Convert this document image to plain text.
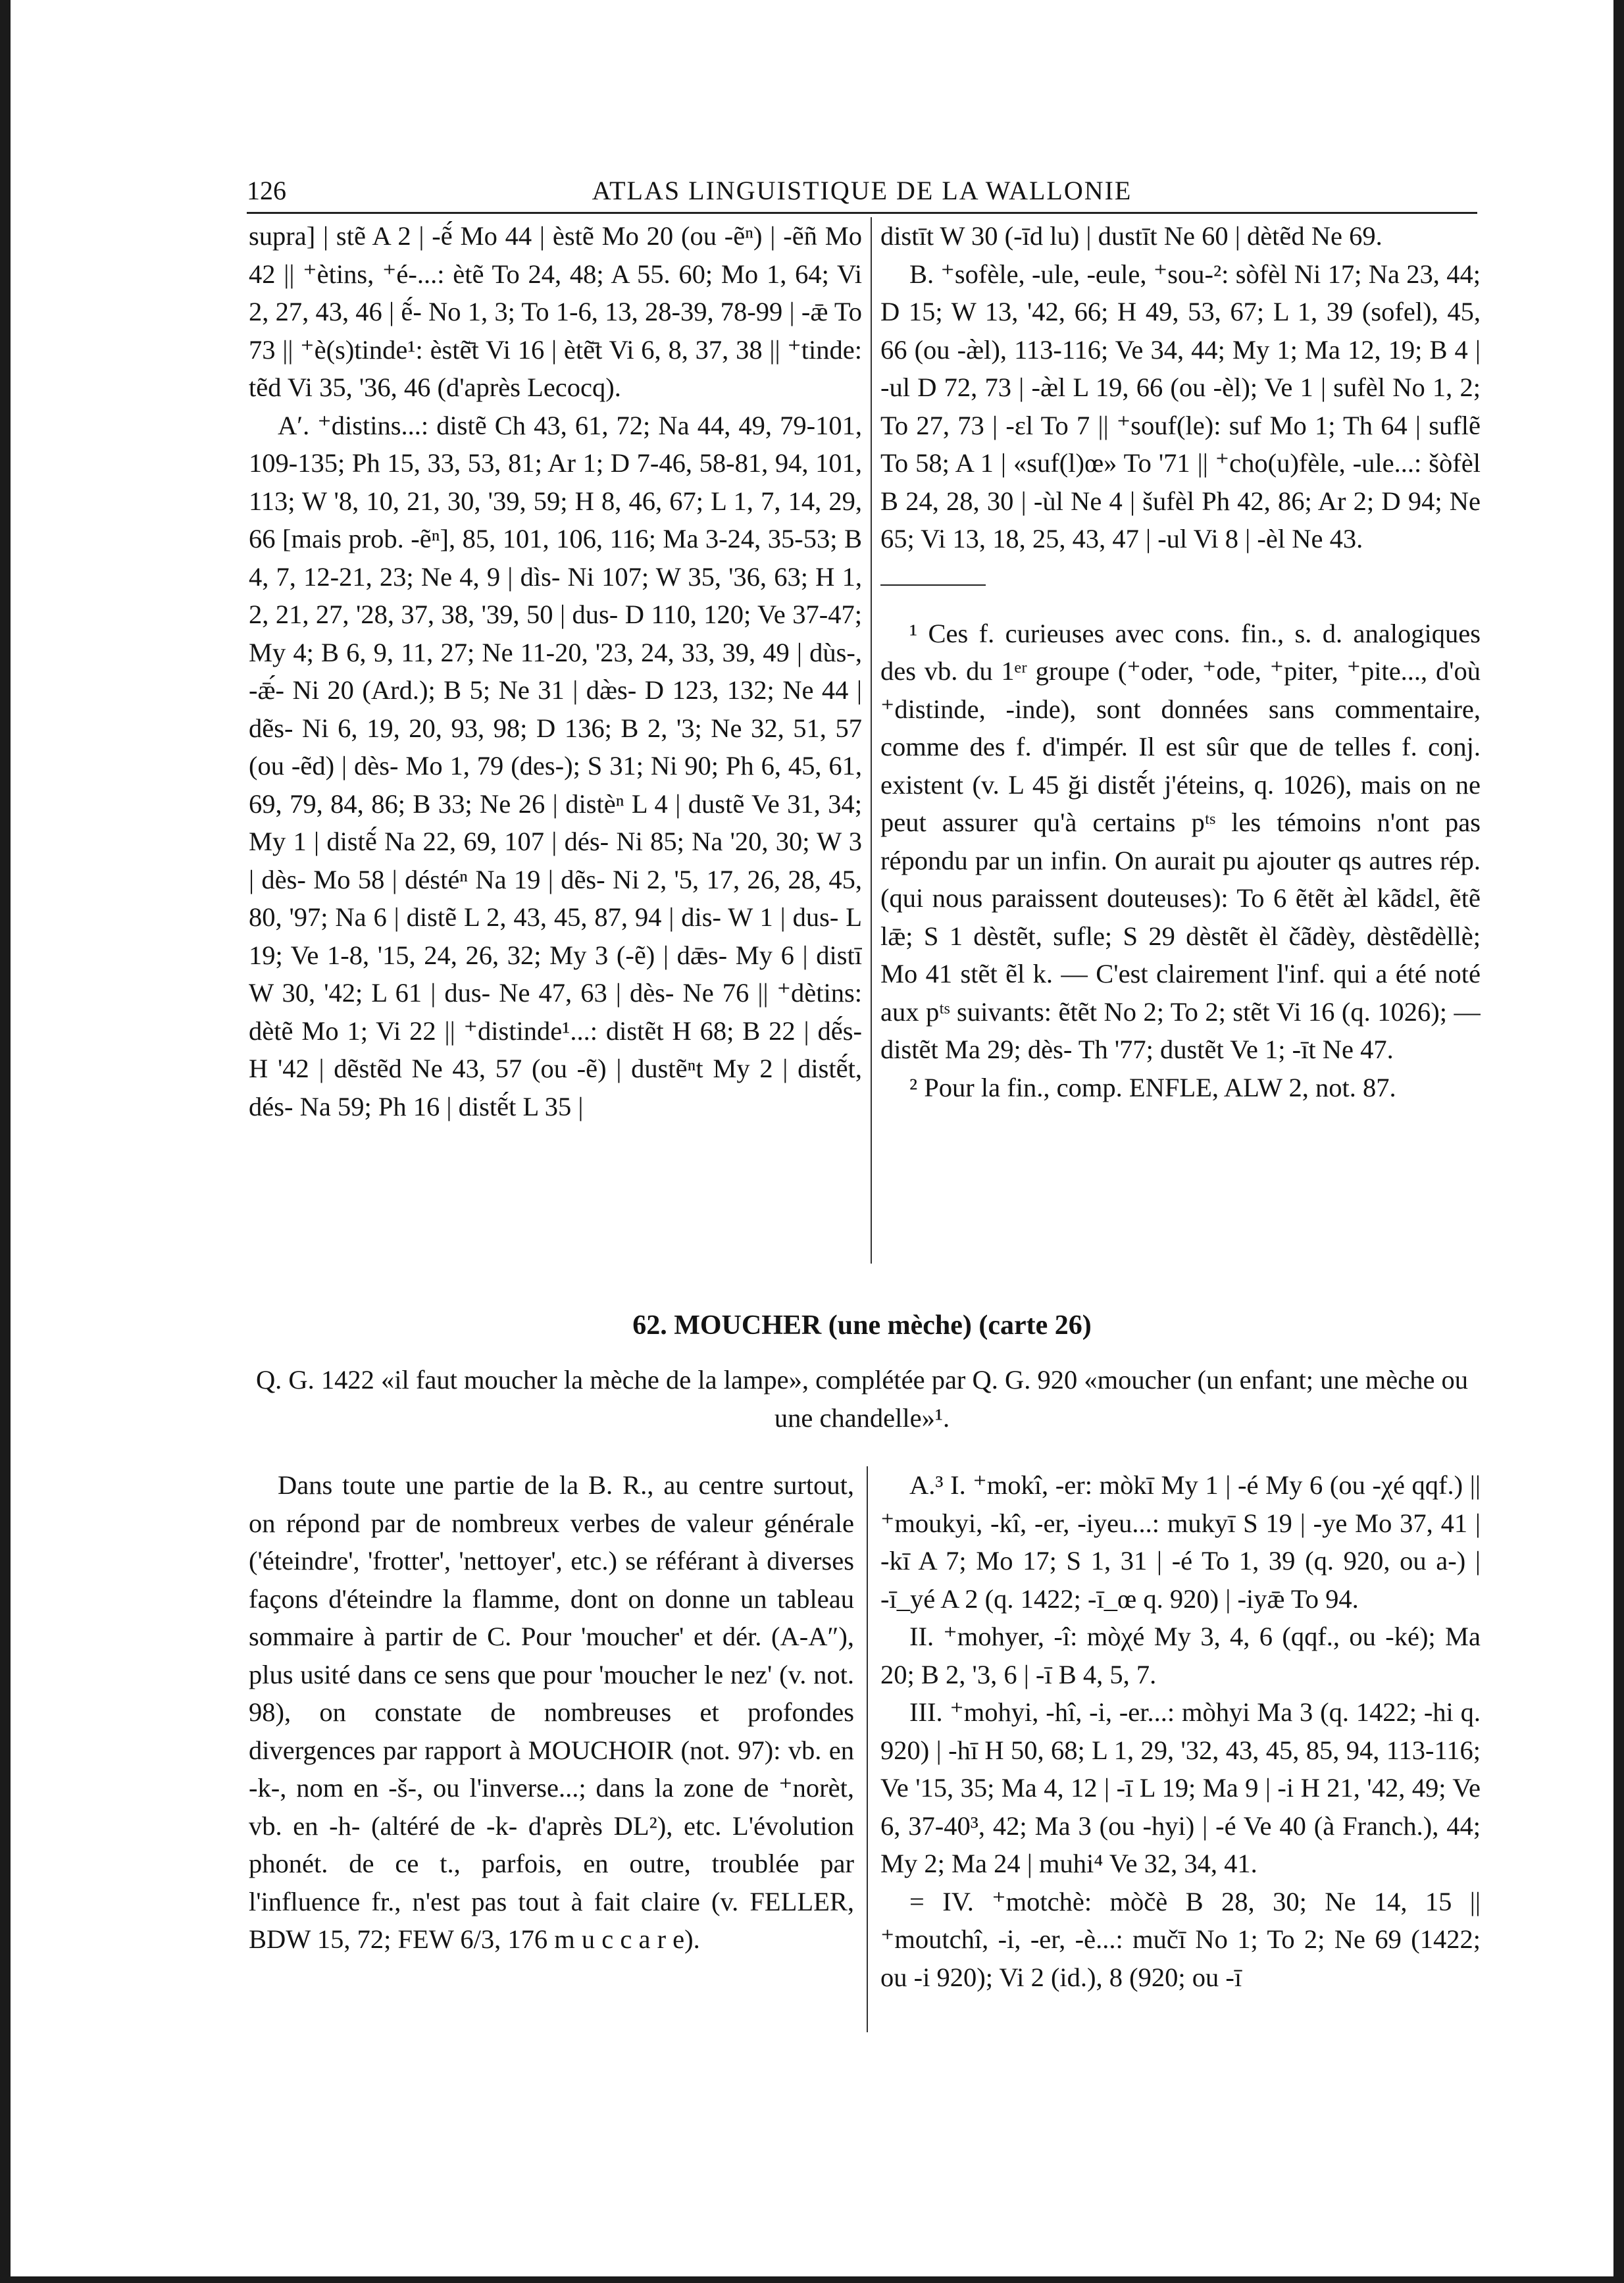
126	ATLAS LINGUISTIQUE DE LA WALLONIE

supra] | stẽ A 2 | -ẽ́ Mo 44 | èstẽ Mo 20 (ou -ẽⁿ) | -ẽñ Mo 42 || ⁺ètins, ⁺é-...: ètẽ To 24, 48; A 55. 60; Mo 1, 64; Vi 2, 27, 43, 46 | ẽ́- No 1, 3; To 1-6, 13, 28-39, 78-99 | -ǣ To 73 || ⁺è(s)tinde¹: èstẽ̄t Vi 16 | ètẽ̄t Vi 6, 8, 37, 38 || ⁺tinde: tẽd Vi 35, '36, 46 (d'après Lecocq).

A′. ⁺distins...: distẽ Ch 43, 61, 72; Na 44, 49, 79-101, 109-135; Ph 15, 33, 53, 81; Ar 1; D 7-46, 58-81, 94, 101, 113; W '8, 10, 21, 30, '39, 59; H 8, 46, 67; L 1, 7, 14, 29, 66 [mais prob. -ẽⁿ], 85, 101, 106, 116; Ma 3-24, 35-53; B 4, 7, 12-21, 23; Ne 4, 9 | dìs- Ni 107; W 35, '36, 63; H 1, 2, 21, 27, '28, 37, 38, '39, 50 | dus- D 110, 120; Ve 37-47; My 4; B 6, 9, 11, 27; Ne 11-20, '23, 24, 33, 39, 49 | dùs-, -ǣ́- Ni 20 (Ard.); B 5; Ne 31 | dæ̀s- D 123, 132; Ne 44 | dẽs- Ni 6, 19, 20, 93, 98; D 136; B 2, '3; Ne 32, 51, 57 (ou -ẽd) | dès- Mo 1, 79 (des-); S 31; Ni 90; Ph 6, 45, 61, 69, 79, 84, 86; B 33; Ne 26 | distèⁿ L 4 | dustẽ Ve 31, 34; My 1 | distẽ́ Na 22, 69, 107 | dés- Ni 85; Na '20, 30; W 3 | dès- Mo 58 | déstéⁿ Na 19 | dẽs- Ni 2, '5, 17, 26, 28, 45, 80, '97; Na 6 | distẽ L 2, 43, 45, 87, 94 | dis- W 1 | dus- L 19; Ve 1-8, '15, 24, 26, 32; My 3 (-ẽ) | dǣs- My 6 | distī W 30, '42; L 61 | dus- Ne 47, 63 | dès- Ne 76 || ⁺dètins: dètẽ Mo 1; Vi 22 || ⁺distinde¹...: distẽt H 68; B 22 | dẽ́s- H '42 | dẽstẽd Ne 43, 57 (ou -ẽ) | dustẽⁿt My 2 | distẽ́t, dés- Na 59; Ph 16 | distẽ́t L 35 |

distīt W 30 (-īd lu) | dustīt Ne 60 | dètẽd Ne 69.

B. ⁺sofèle, -ule, -eule, ⁺sou-²: sòfèl Ni 17; Na 23, 44; D 15; W 13, '42, 66; H 49, 53, 67; L 1, 39 (sofel), 45, 66 (ou -æ̀l), 113-116; Ve 34, 44; My 1; Ma 12, 19; B 4 | -ul D 72, 73 | -æ̀l L 19, 66 (ou -èl); Ve 1 | sufèl No 1, 2; To 27, 73 | -ɛl To 7 || ⁺souf(le): suf Mo 1; Th 64 | suflẽ To 58; A 1 | «suf(l)œ» To '71 || ⁺cho(u)fèle, -ule...: šòfèl B 24, 28, 30 | -ùl Ne 4 | šufèl Ph 42, 86; Ar 2; D 94; Ne 65; Vi 13, 18, 25, 43, 47 | -ul Vi 8 | -èl Ne 43.

¹ Ces f. curieuses avec cons. fin., s. d. analogiques des vb. du 1ᵉʳ groupe (⁺oder, ⁺ode, ⁺piter, ⁺pite..., d'où ⁺distinde, -inde), sont données sans commentaire, comme des f. d'impér. Il est sûr que de telles f. conj. existent (v. L 45 ği distẽ́t j'éteins, q. 1026), mais on ne peut assurer qu'à certains pᵗˢ les témoins n'ont pas répondu par un infin. On aurait pu ajouter qs autres rép. (qui nous paraissent douteuses): To 6 ẽtẽt æ̀l kãdɛl, ẽtẽ lǣ; S 1 dèstẽt, sufle; S 29 dèstẽt èl čãdèy, dèstẽdèllè; Mo 41 stẽt ẽl k. — C'est clairement l'inf. qui a été noté aux pᵗˢ suivants: ẽtẽt No 2; To 2; stẽt Vi 16 (q. 1026); — distẽt Ma 29; dès- Th '77; dustẽt Ve 1; -īt Ne 47.

² Pour la fin., comp. ENFLE, ALW 2, not. 87.

62. MOUCHER (une mèche) (carte 26)
Q. G. 1422 «il faut moucher la mèche de la lampe», complétée par Q. G. 920 «moucher (un enfant; une mèche ou une chandelle»¹.

Dans toute une partie de la B. R., au centre surtout, on répond par de nombreux verbes de valeur générale ('éteindre', 'frotter', 'nettoyer', etc.) se référant à diverses façons d'éteindre la flamme, dont on donne un tableau sommaire à partir de C. Pour 'moucher' et dér. (A-A″), plus usité dans ce sens que pour 'moucher le nez' (v. not. 98), on constate de nombreuses et profondes divergences par rapport à MOUCHOIR (not. 97): vb. en -k-, nom en -š-, ou l'inverse...; dans la zone de ⁺norèt, vb. en -h- (altéré de -k- d'après DL²), etc. L'évolution phonét. de ce t., parfois, en outre, troublée par l'influence fr., n'est pas tout à fait claire (v. FELLER, BDW 15, 72; FEW 6/3, 176 m u c c a r e).

A.³ I. ⁺mokî, -er: mòkī My 1 | -é My 6 (ou -χé qqf.) || ⁺moukyi, -kî, -er, -iyeu...: mukyī S 19 | -ye Mo 37, 41 | -kī A 7; Mo 17; S 1, 31 | -é To 1, 39 (q. 920, ou a-) | -ī_yé A 2 (q. 1422; -ī_œ q. 920) | -iyǣ To 94.

II. ⁺mohyer, -î: mòχé My 3, 4, 6 (qqf., ou -ké); Ma 20; B 2, '3, 6 | -ī B 4, 5, 7.

III. ⁺mohyi, -hî, -i, -er...: mòhyi Ma 3 (q. 1422; -hi q. 920) | -hī H 50, 68; L 1, 29, '32, 43, 45, 85, 94, 113-116; Ve '15, 35; Ma 4, 12 | -ī L 19; Ma 9 | -i H 21, '42, 49; Ve 6, 37-40³, 42; Ma 3 (ou -hyi) | -é Ve 40 (à Franch.), 44; My 2; Ma 24 | muhi⁴ Ve 32, 34, 41.

= IV. ⁺motchè: mòčè B 28, 30; Ne 14, 15 || ⁺moutchî, -i, -er, -è...: mučī No 1; To 2; Ne 69 (1422; ou -i 920); Vi 2 (id.), 8 (920; ou -ī
